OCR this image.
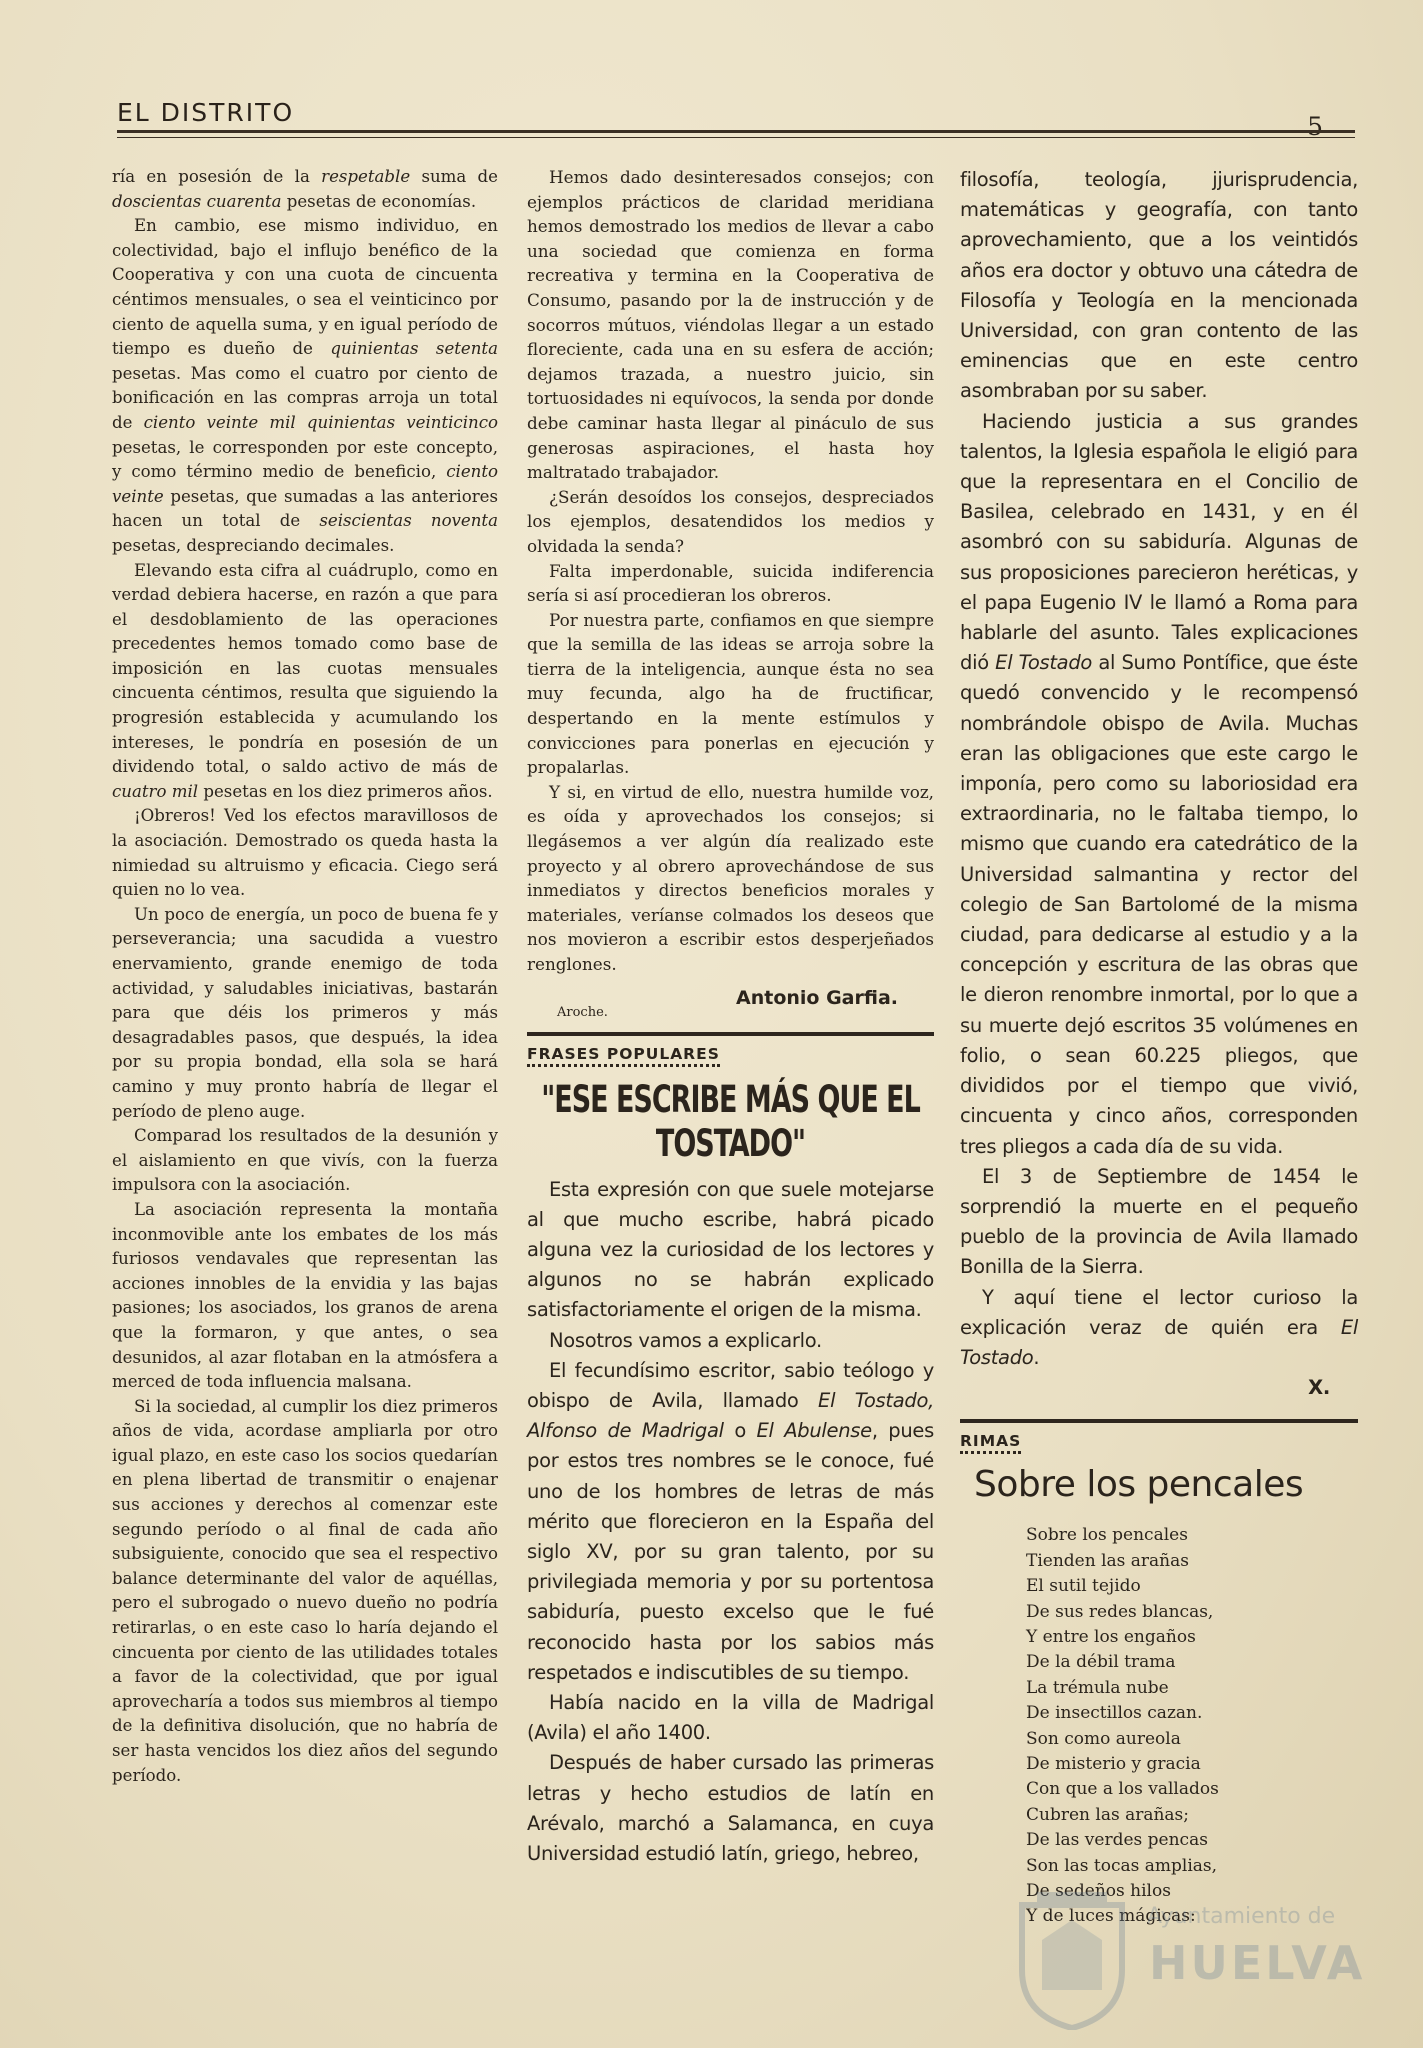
EL DISTRITO	5

ría en posesión de la respetable suma de doscientas cuarenta pesetas de economías.

En cambio, ese mismo individuo, en colectividad, bajo el influjo benéfico de la Cooperativa y con una cuota de cincuenta céntimos mensuales, o sea el veinticinco por ciento de aquella suma, y en igual período de tiempo es dueño de quinientas setenta pesetas. Mas como el cuatro por ciento de bonificación en las compras arroja un total de ciento veinte mil quinientas veinticinco pesetas, le corresponden por este concepto, y como término medio de beneficio, ciento veinte pesetas, que sumadas a las anteriores hacen un total de seiscientas noventa pesetas, despreciando decimales.

Elevando esta cifra al cuádruplo, como en verdad debiera hacerse, en razón a que para el desdoblamiento de las operaciones precedentes hemos tomado como base de imposición en las cuotas mensuales cincuenta céntimos, resulta que siguiendo la progresión establecida y acumulando los intereses, le pondría en posesión de un dividendo total, o saldo activo de más de cuatro mil pesetas en los diez primeros años.

¡Obreros! Ved los efectos maravillosos de la asociación. Demostrado os queda hasta la nimiedad su altruismo y eficacia. Ciego será quien no lo vea.

Un poco de energía, un poco de buena fe y perseverancia; una sacudida a vuestro enervamiento, grande enemigo de toda actividad, y saludables iniciativas, bastarán para que déis los primeros y más desagradables pasos, que después, la idea por su propia bondad, ella sola se hará camino y muy pronto habría de llegar el período de pleno auge.

Comparad los resultados de la desunión y el aislamiento en que vivís, con la fuerza impulsora con la asociación.

La asociación representa la montaña inconmovible ante los embates de los más furiosos vendavales que representan las acciones innobles de la envidia y las bajas pasiones; los asociados, los granos de arena que la formaron, y que antes, o sea desunidos, al azar flotaban en la atmósfera a merced de toda influencia malsana.

Si la sociedad, al cumplir los diez primeros años de vida, acordase ampliarla por otro igual plazo, en este caso los socios quedarían en plena libertad de transmitir o enajenar sus acciones y derechos al comenzar este segundo período o al final de cada año subsiguiente, conocido que sea el respectivo balance determinante del valor de aquéllas, pero el subrogado o nuevo dueño no podría retirarlas, o en este caso lo haría dejando el cincuenta por ciento de las utilidades totales a favor de la colectividad, que por igual aprovecharía a todos sus miembros al tiempo de la definitiva disolución, que no habría de ser hasta vencidos los diez años del segundo período.

Hemos dado desinteresados consejos; con ejemplos prácticos de claridad meridiana hemos demostrado los medios de llevar a cabo una sociedad que comienza en forma recreativa y termina en la Cooperativa de Consumo, pasando por la de instrucción y de socorros mútuos, viéndolas llegar a un estado floreciente, cada una en su esfera de acción; dejamos trazada, a nuestro juicio, sin tortuosidades ni equívocos, la senda por donde debe caminar hasta llegar al pináculo de sus generosas aspiraciones, el hasta hoy maltratado trabajador.

¿Serán desoídos los consejos, despreciados los ejemplos, desatendidos los medios y olvidada la senda?

Falta imperdonable, suicida indiferencia sería si así procedieran los obreros.

Por nuestra parte, confiamos en que siempre que la semilla de las ideas se arroja sobre la tierra de la inteligencia, aunque ésta no sea muy fecunda, algo ha de fructificar, despertando en la mente estímulos y convicciones para ponerlas en ejecución y propalarlas.

Y si, en virtud de ello, nuestra humilde voz, es oída y aprovechados los consejos; si llegásemos a ver algún día realizado este proyecto y al obrero aprovechándose de sus inmediatos y directos beneficios morales y materiales, veríanse colmados los deseos que nos movieron a escribir estos desperjeñados renglones.

Antonio Garfia.
Aroche.
FRASES POPULARES
"ESE ESCRIBE MÁS QUE EL TOSTADO"

Esta expresión con que suele motejarse al que mucho escribe, habrá picado alguna vez la curiosidad de los lectores y algunos no se habrán explicado satisfactoriamente el origen de la misma.

Nosotros vamos a explicarlo.

El fecundísimo escritor, sabio teólogo y obispo de Avila, llamado El Tostado, Alfonso de Madrigal o El Abulense, pues por estos tres nombres se le conoce, fué uno de los hombres de letras de más mérito que florecieron en la España del siglo XV, por su gran talento, por su privilegiada memoria y por su portentosa sabiduría, puesto excelso que le fué reconocido hasta por los sabios más respetados e indiscutibles de su tiempo.

Había nacido en la villa de Madrigal (Avila) el año 1400.

Después de haber cursado las primeras letras y hecho estudios de latín en Arévalo, marchó a Salamanca, en cuya Universidad estudió latín, griego, hebreo,

filosofía, teología, jjurisprudencia, matemáticas y geografía, con tanto aprovechamiento, que a los veintidós años era doctor y obtuvo una cátedra de Filosofía y Teología en la mencionada Universidad, con gran contento de las eminencias que en este centro asombraban por su saber.

Haciendo justicia a sus grandes talentos, la Iglesia española le eligió para que la representara en el Concilio de Basilea, celebrado en 1431, y en él asombró con su sabiduría. Algunas de sus proposiciones parecieron heréticas, y el papa Eugenio IV le llamó a Roma para hablarle del asunto. Tales explicaciones dió El Tostado al Sumo Pontífice, que éste quedó convencido y le recompensó nombrándole obispo de Avila. Muchas eran las obligaciones que este cargo le imponía, pero como su laboriosidad era extraordinaria, no le faltaba tiempo, lo mismo que cuando era catedrático de la Universidad salmantina y rector del colegio de San Bartolomé de la misma ciudad, para dedicarse al estudio y a la concepción y escritura de las obras que le dieron renombre inmortal, por lo que a su muerte dejó escritos 35 volúmenes en folio, o sean 60.225 pliegos, que divididos por el tiempo que vivió, cincuenta y cinco años, corresponden tres pliegos a cada día de su vida.

El 3 de Septiembre de 1454 le sorprendió la muerte en el pequeño pueblo de la provincia de Avila llamado Bonilla de la Sierra.

Y aquí tiene el lector curioso la explicación veraz de quién era El Tostado.

X.
RIMAS
Sobre los pencales
Sobre los pencales
Tienden las arañas
El sutil tejido
De sus redes blancas,
Y entre los engaños
De la débil trama
La trémula nube
De insectillos cazan.
Son como aureola
De misterio y gracia
Con que a los vallados
Cubren las arañas;
De las verdes pencas
Son las tocas amplias,
De sedeños hilos
Y de luces mágicas:
Ayuntamiento de
HUELVA
